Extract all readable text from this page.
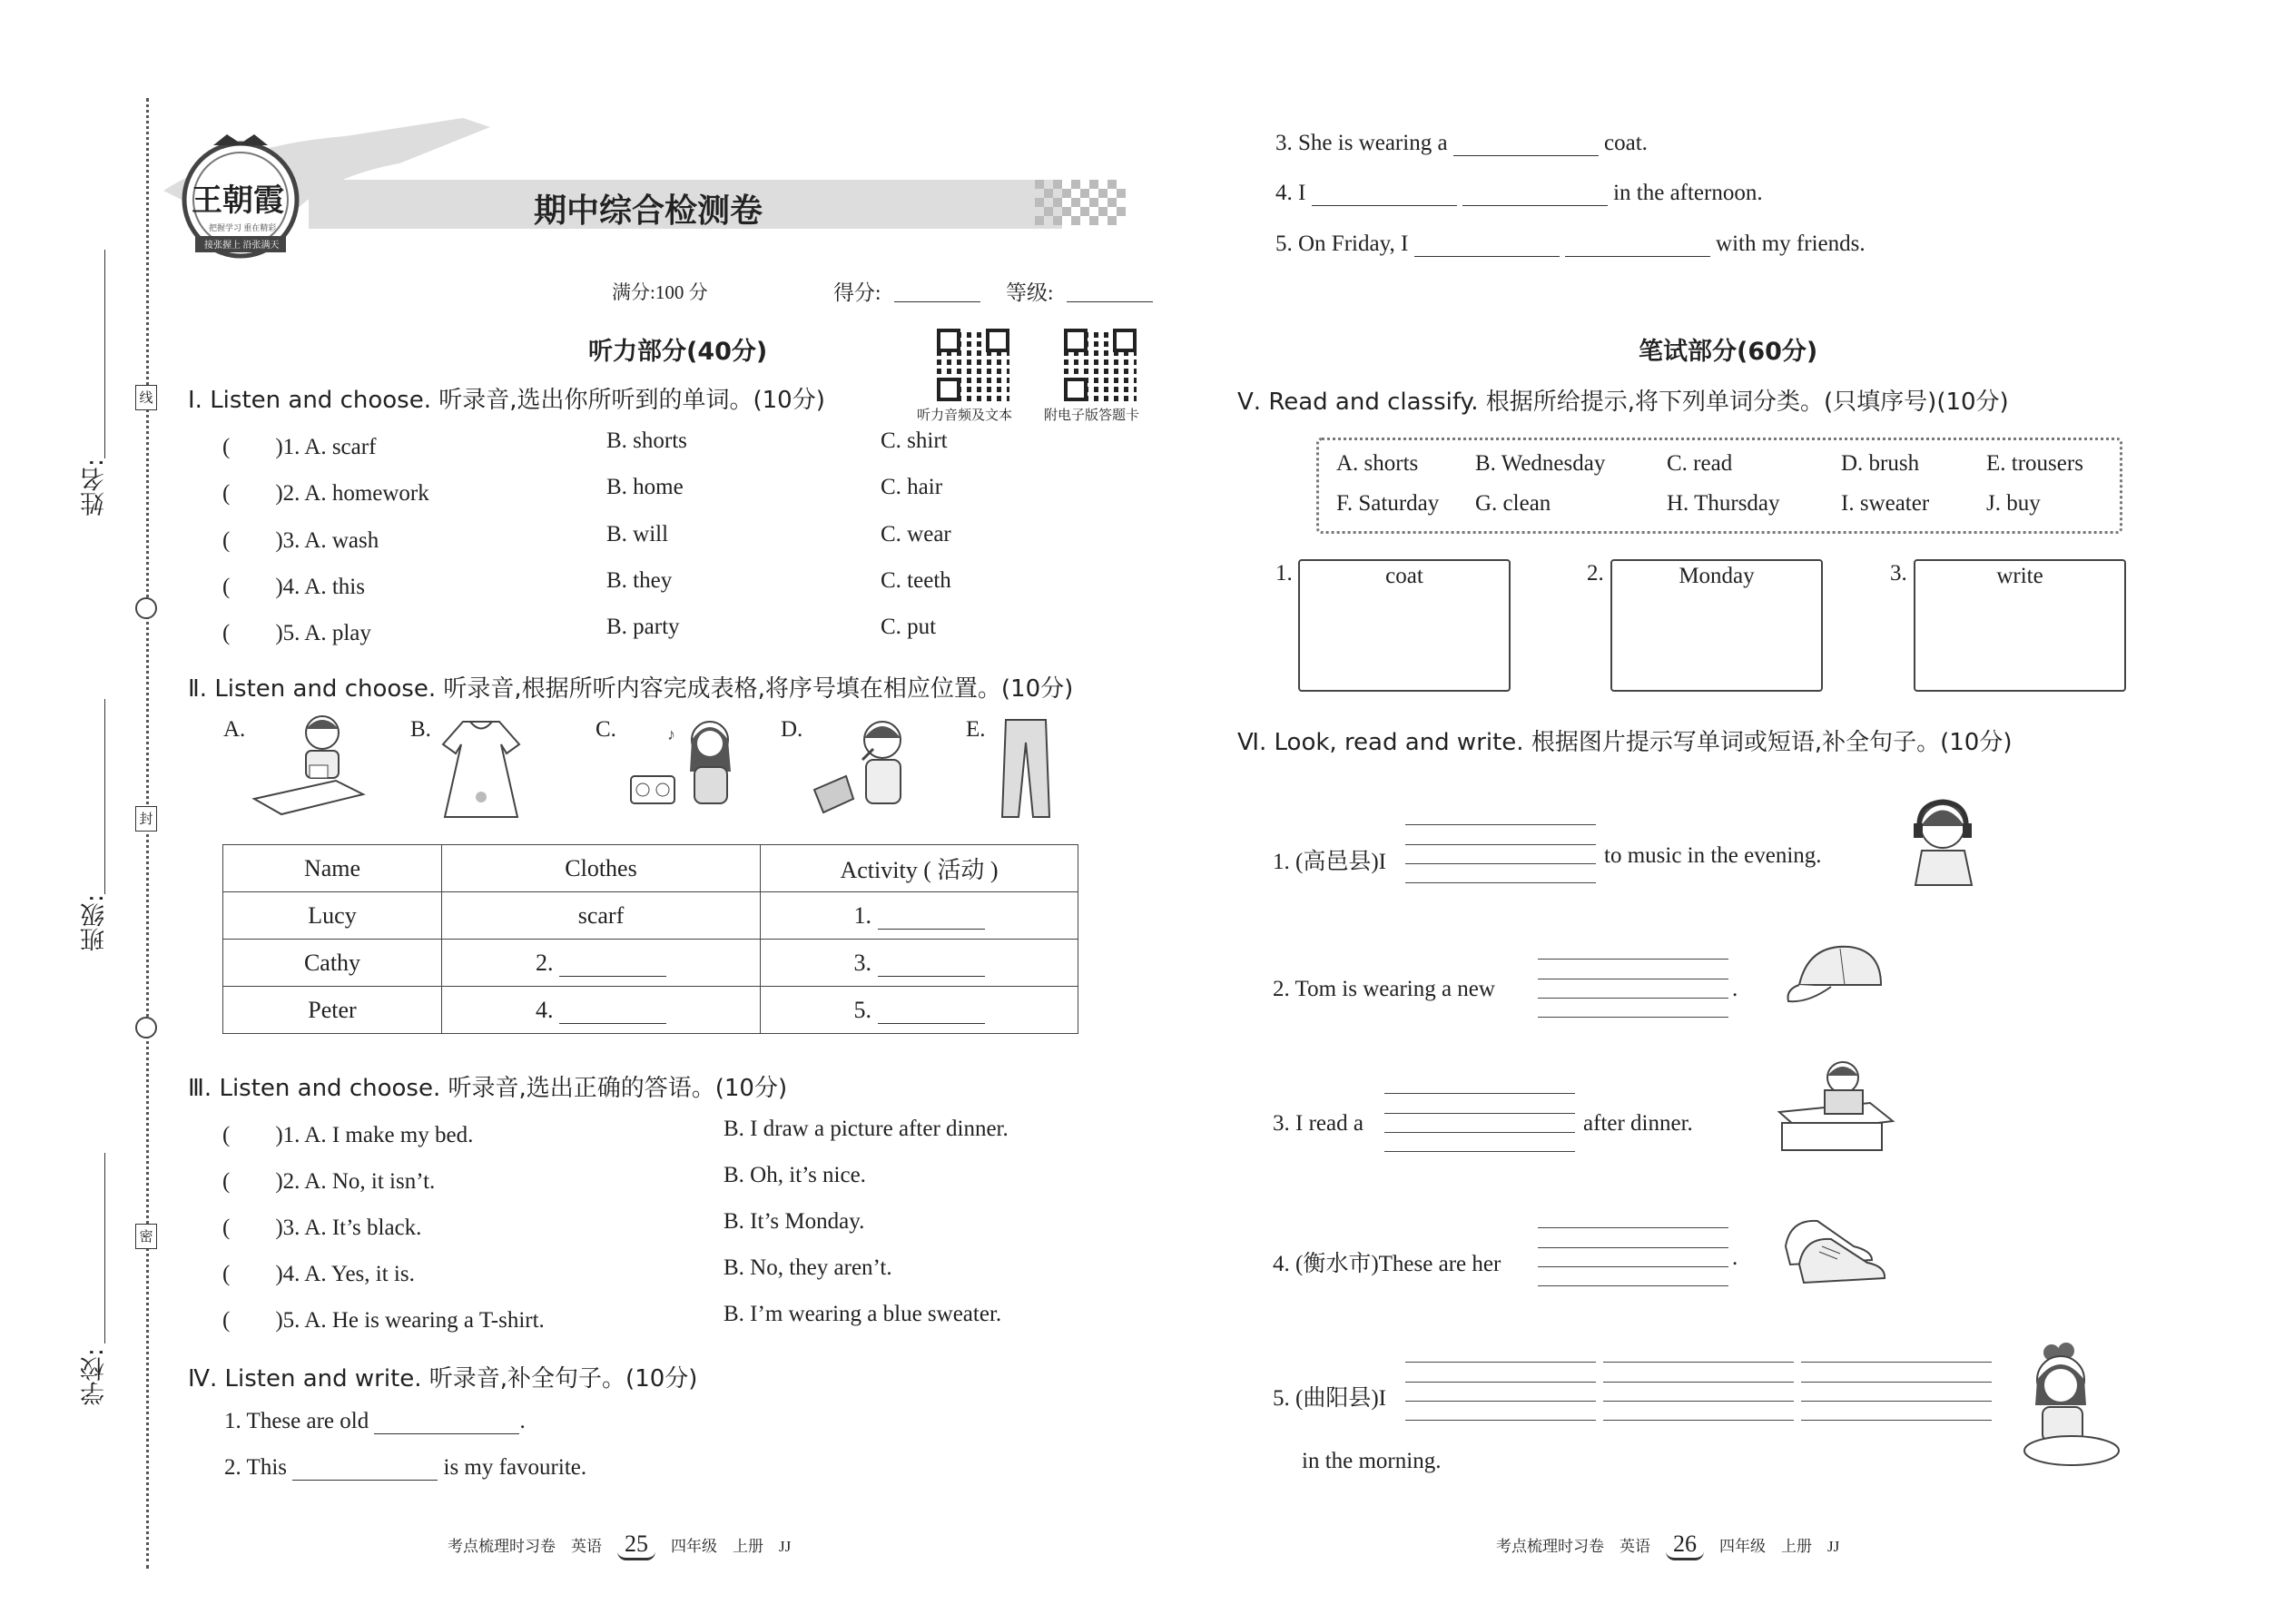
姓名:
班级:
学校:
线
封
密
王朝霞
把握学习 重在精彩
接张握上 沿张满天
期中综合检测卷
满分:100 分	得分:	等级:
听力部分(40分)
听力音频及文本 附电子版答题卡
Ⅰ. Listen and choose. 听录音,选出你所听到的单词。(10分)
(　　)1. A. scarf	B. shorts	C. shirt
(　　)2. A. homework	B. home	C. hair
(　　)3. A. wash	B. will	C. wear
(　　)4. A. this	B. they	C. teeth
(　　)5. A. play	B. party	C. put
Ⅱ. Listen and choose. 听录音,根据所听内容完成表格,将序号填在相应位置。(10分)
A.	B.	C.	D.	E.
♪
Name	Clothes	Activity ( 活动 )
Lucy	scarf	1.
Cathy	2.	3.
Peter	4.	5.
Ⅲ. Listen and choose. 听录音,选出正确的答语。(10分)
(　　)1. A. I make my bed.	B. I draw a picture after dinner.
(　　)2. A. No, it isn’t.	B. Oh, it’s nice.
(　　)3. A. It’s black.	B. It’s Monday.
(　　)4. A. Yes, it is.	B. No, they aren’t.
(　　)5. A. He is wearing a T-shirt.	B. I’m wearing a blue sweater.
Ⅳ. Listen and write. 听录音,补全句子。(10分)
1. These are old	.
2. This	is my favourite.
考点梳理时习卷　英语　 25　 四年级　上册　JJ
3. She is wearing a	coat.
4. I	in the afternoon.
5. On Friday, I	with my friends.
笔试部分(60分)
Ⅴ. Read and classify. 根据所给提示,将下列单词分类。(只填序号)(10分)
A. shorts	B. Wednesday	C. read	D. brush	E. trousers
F. Saturday G. clean	H. Thursday	I. sweater	J. buy
1.	coat	2.	Monday	3.	write
Ⅵ. Look, read and write. 根据图片提示写单词或短语,补全句子。(10分)
1. (高邑县)I	to music in the evening.
2. Tom is wearing a new	.
3. I read a	after dinner.
4. (衡水市)These are her	.
5. (曲阳县)I
in the morning.
考点梳理时习卷　英语　 26　 四年级　上册　JJ
